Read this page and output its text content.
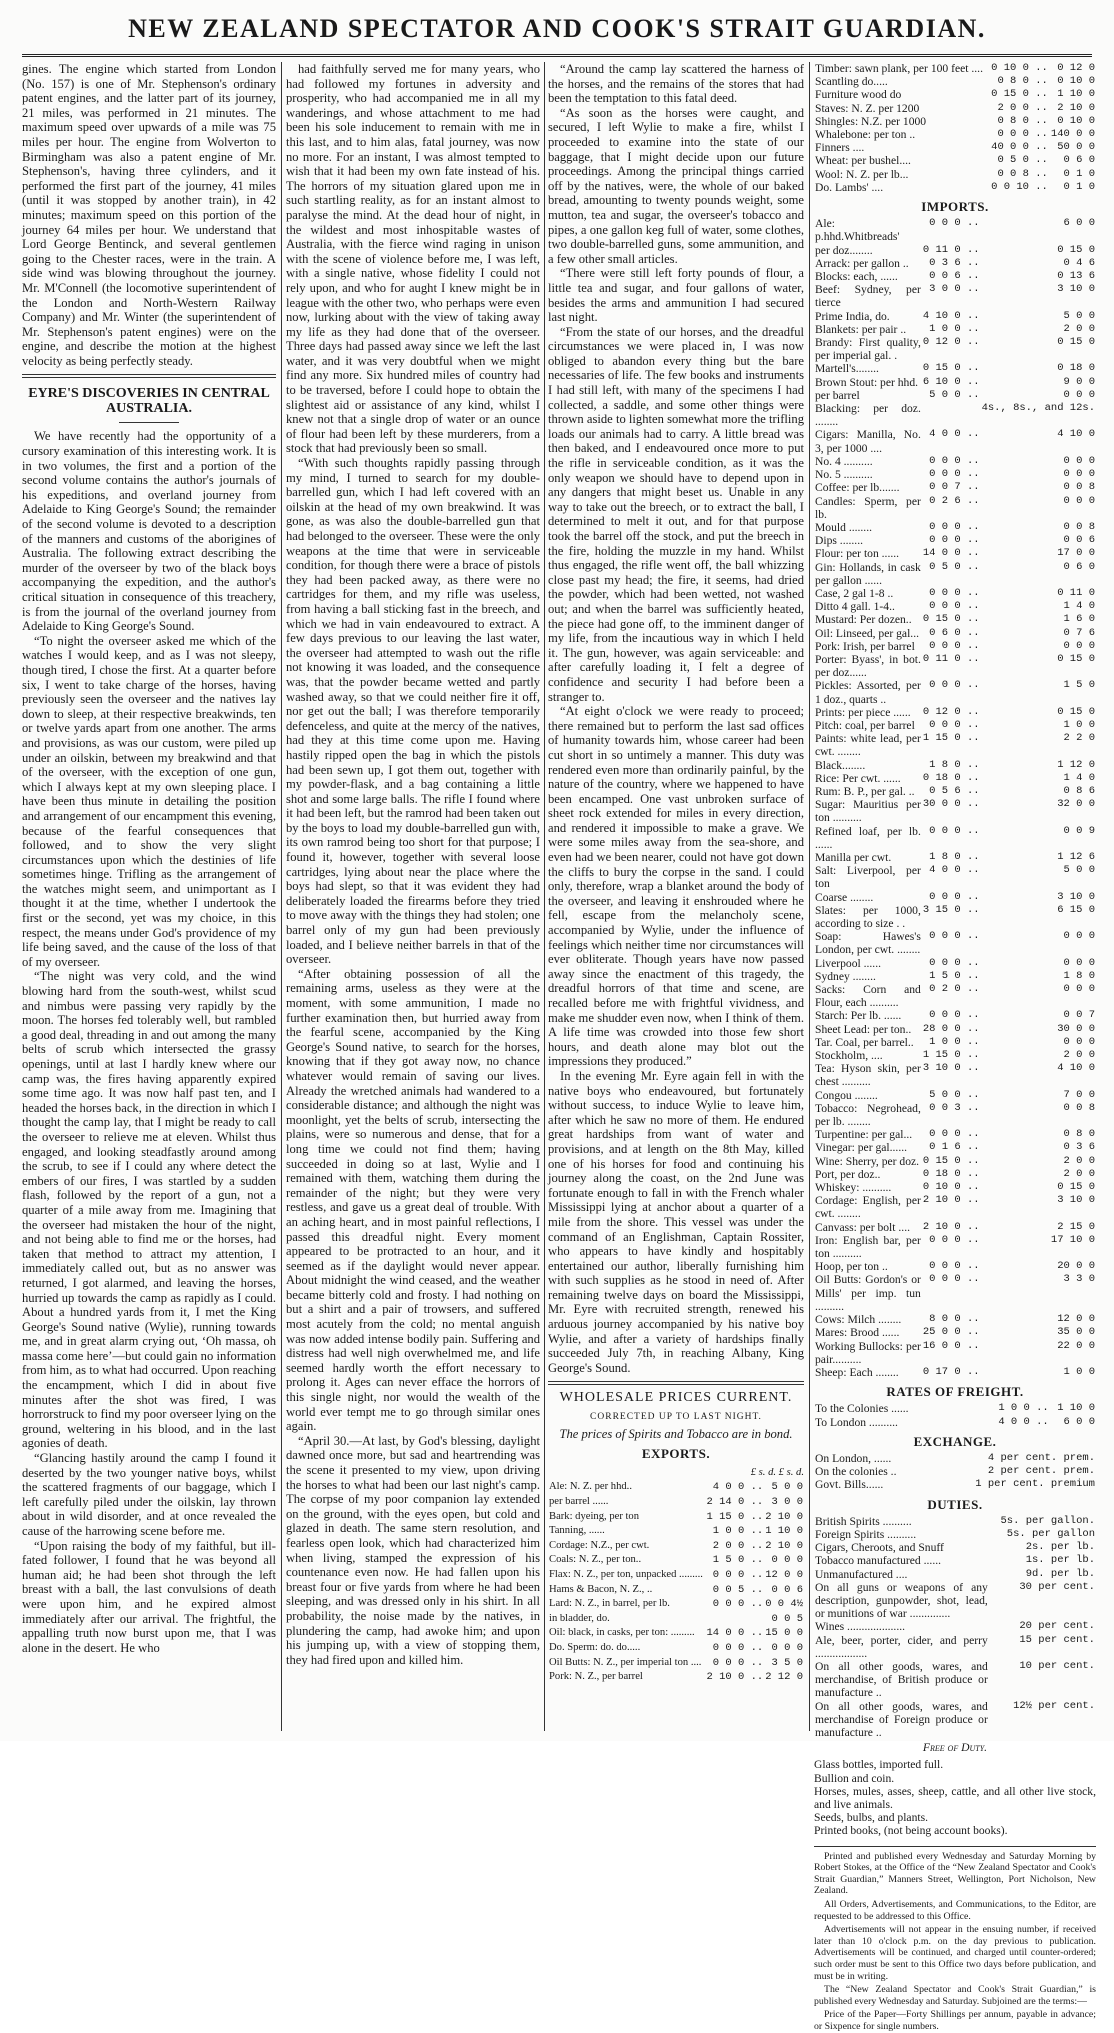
NEW ZEALAND SPECTATOR AND COOK'S STRAIT GUARDIAN.

gines. The engine which started from London (No. 157) is one of Mr. Stephenson's ordinary patent engines, and the latter part of its journey, 21 miles, was performed in 21 minutes. The maximum speed over upwards of a mile was 75 miles per hour. The engine from Wolverton to Birmingham was also a patent engine of Mr. Stephenson's, having three cylinders, and it performed the first part of the journey, 41 miles (until it was stopped by another train), in 42 minutes; maximum speed on this portion of the journey 64 miles per hour. We understand that Lord George Bentinck, and several gentlemen going to the Chester races, were in the train. A side wind was blowing throughout the journey. Mr. M'Connell (the locomotive superintendent of the London and North-Western Railway Company) and Mr. Winter (the superintendent of Mr. Stephenson's patent engines) were on the engine, and describe the motion at the highest velocity as being perfectly steady.

EYRE'S DISCOVERIES IN CENTRAL AUSTRALIA.

We have recently had the opportunity of a cursory examination of this interesting work. It is in two volumes, the first and a portion of the second volume contains the author's journals of his expeditions, and overland journey from Adelaide to King George's Sound; the remainder of the second volume is devoted to a description of the manners and customs of the aborigines of Australia. The following extract describing the murder of the overseer by two of the black boys accompanying the expedition, and the author's critical situation in consequence of this treachery, is from the journal of the overland journey from Adelaide to King George's Sound.

“To night the overseer asked me which of the watches I would keep, and as I was not sleepy, though tired, I chose the first. At a quarter before six, I went to take charge of the horses, having previously seen the overseer and the natives lay down to sleep, at their respective breakwinds, ten or twelve yards apart from one another. The arms and provisions, as was our custom, were piled up under an oilskin, between my breakwind and that of the overseer, with the exception of one gun, which I always kept at my own sleeping place. I have been thus minute in detailing the position and arrangement of our encampment this evening, because of the fearful consequences that followed, and to show the very slight circumstances upon which the destinies of life sometimes hinge. Trifling as the arrangement of the watches might seem, and unimportant as I thought it at the time, whether I undertook the first or the second, yet was my choice, in this respect, the means under God's providence of my life being saved, and the cause of the loss of that of my overseer.

“The night was very cold, and the wind blowing hard from the south-west, whilst scud and nimbus were passing very rapidly by the moon. The horses fed tolerably well, but rambled a good deal, threading in and out among the many belts of scrub which intersected the grassy openings, until at last I hardly knew where our camp was, the fires having apparently expired some time ago. It was now half past ten, and I headed the horses back, in the direction in which I thought the camp lay, that I might be ready to call the overseer to relieve me at eleven. Whilst thus engaged, and looking steadfastly around among the scrub, to see if I could any where detect the embers of our fires, I was startled by a sudden flash, followed by the report of a gun, not a quarter of a mile away from me. Imagining that the overseer had mistaken the hour of the night, and not being able to find me or the horses, had taken that method to attract my attention, I immediately called out, but as no answer was returned, I got alarmed, and leaving the horses, hurried up towards the camp as rapidly as I could. About a hundred yards from it, I met the King George's Sound native (Wylie), running towards me, and in great alarm crying out, ‘Oh massa, oh massa come here’—but could gain no information from him, as to what had occurred. Upon reaching the encampment, which I did in about five minutes after the shot was fired, I was horrorstruck to find my poor overseer lying on the ground, weltering in his blood, and in the last agonies of death.

“Glancing hastily around the camp I found it deserted by the two younger native boys, whilst the scattered fragments of our baggage, which I left carefully piled under the oilskin, lay thrown about in wild disorder, and at once revealed the cause of the harrowing scene before me.

“Upon raising the body of my faithful, but ill-fated follower, I found that he was beyond all human aid; he had been shot through the left breast with a ball, the last convulsions of death were upon him, and he expired almost immediately after our arrival. The frightful, the appalling truth now burst upon me, that I was alone in the desert. He who

had faithfully served me for many years, who had followed my fortunes in adversity and prosperity, who had accompanied me in all my wanderings, and whose attachment to me had been his sole inducement to remain with me in this last, and to him alas, fatal journey, was now no more. For an instant, I was almost tempted to wish that it had been my own fate instead of his. The horrors of my situation glared upon me in such startling reality, as for an instant almost to paralyse the mind. At the dead hour of night, in the wildest and most inhospitable wastes of Australia, with the fierce wind raging in unison with the scene of violence before me, I was left, with a single native, whose fidelity I could not rely upon, and who for aught I knew might be in league with the other two, who perhaps were even now, lurking about with the view of taking away my life as they had done that of the overseer. Three days had passed away since we left the last water, and it was very doubtful when we might find any more. Six hundred miles of country had to be traversed, before I could hope to obtain the slightest aid or assistance of any kind, whilst I knew not that a single drop of water or an ounce of flour had been left by these murderers, from a stock that had previously been so small.

“With such thoughts rapidly passing through my mind, I turned to search for my double-barrelled gun, which I had left covered with an oilskin at the head of my own breakwind. It was gone, as was also the double-barrelled gun that had belonged to the overseer. These were the only weapons at the time that were in serviceable condition, for though there were a brace of pistols they had been packed away, as there were no cartridges for them, and my rifle was useless, from having a ball sticking fast in the breech, and which we had in vain endeavoured to extract. A few days previous to our leaving the last water, the overseer had attempted to wash out the rifle not knowing it was loaded, and the consequence was, that the powder became wetted and partly washed away, so that we could neither fire it off, nor get out the ball; I was therefore temporarily defenceless, and quite at the mercy of the natives, had they at this time come upon me. Having hastily ripped open the bag in which the pistols had been sewn up, I got them out, together with my powder-flask, and a bag containing a little shot and some large balls. The rifle I found where it had been left, but the ramrod had been taken out by the boys to load my double-barrelled gun with, its own ramrod being too short for that purpose; I found it, however, together with several loose cartridges, lying about near the place where the boys had slept, so that it was evident they had deliberately loaded the firearms before they tried to move away with the things they had stolen; one barrel only of my gun had been previously loaded, and I believe neither barrels in that of the overseer.

“After obtaining possession of all the remaining arms, useless as they were at the moment, with some ammunition, I made no further examination then, but hurried away from the fearful scene, accompanied by the King George's Sound native, to search for the horses, knowing that if they got away now, no chance whatever would remain of saving our lives. Already the wretched animals had wandered to a considerable distance; and although the night was moonlight, yet the belts of scrub, intersecting the plains, were so numerous and dense, that for a long time we could not find them; having succeeded in doing so at last, Wylie and I remained with them, watching them during the remainder of the night; but they were very restless, and gave us a great deal of trouble. With an aching heart, and in most painful reflections, I passed this dreadful night. Every moment appeared to be protracted to an hour, and it seemed as if the daylight would never appear. About midnight the wind ceased, and the weather became bitterly cold and frosty. I had nothing on but a shirt and a pair of trowsers, and suffered most acutely from the cold; no mental anguish was now added intense bodily pain. Suffering and distress had well nigh overwhelmed me, and life seemed hardly worth the effort necessary to prolong it. Ages can never efface the horrors of this single night, nor would the wealth of the world ever tempt me to go through similar ones again.

“April 30.—At last, by God's blessing, daylight dawned once more, but sad and heartrending was the scene it presented to my view, upon driving the horses to what had been our last night's camp. The corpse of my poor companion lay extended on the ground, with the eyes open, but cold and glazed in death. The same stern resolution, and fearless open look, which had characterized him when living, stamped the expression of his countenance even now. He had fallen upon his breast four or five yards from where he had been sleeping, and was dressed only in his shirt. In all probability, the noise made by the natives, in plundering the camp, had awoke him; and upon his jumping up, with a view of stopping them, they had fired upon and killed him.

“Around the camp lay scattered the harness of the horses, and the remains of the stores that had been the temptation to this fatal deed.

“As soon as the horses were caught, and secured, I left Wylie to make a fire, whilst I proceeded to examine into the state of our baggage, that I might decide upon our future proceedings. Among the principal things carried off by the natives, were, the whole of our baked bread, amounting to twenty pounds weight, some mutton, tea and sugar, the overseer's tobacco and pipes, a one gallon keg full of water, some clothes, two double-barrelled guns, some ammunition, and a few other small articles.

“There were still left forty pounds of flour, a little tea and sugar, and four gallons of water, besides the arms and ammunition I had secured last night.

“From the state of our horses, and the dreadful circumstances we were placed in, I was now obliged to abandon every thing but the bare necessaries of life. The few books and instruments I had still left, with many of the specimens I had collected, a saddle, and some other things were thrown aside to lighten somewhat more the trifling loads our animals had to carry. A little bread was then baked, and I endeavoured once more to put the rifle in serviceable condition, as it was the only weapon we should have to depend upon in any dangers that might beset us. Unable in any way to take out the breech, or to extract the ball, I determined to melt it out, and for that purpose took the barrel off the stock, and put the breech in the fire, holding the muzzle in my hand. Whilst thus engaged, the rifle went off, the ball whizzing close past my head; the fire, it seems, had dried the powder, which had been wetted, not washed out; and when the barrel was sufficiently heated, the piece had gone off, to the imminent danger of my life, from the incautious way in which I held it. The gun, however, was again serviceable: and after carefully loading it, I felt a degree of confidence and security I had before been a stranger to.

“At eight o'clock we were ready to proceed; there remained but to perform the last sad offices of humanity towards him, whose career had been cut short in so untimely a manner. This duty was rendered even more than ordinarily painful, by the nature of the country, where we happened to have been encamped. One vast unbroken surface of sheet rock extended for miles in every direction, and rendered it impossible to make a grave. We were some miles away from the sea-shore, and even had we been nearer, could not have got down the cliffs to bury the corpse in the sand. I could only, therefore, wrap a blanket around the body of the overseer, and leaving it enshrouded where he fell, escape from the melancholy scene, accompanied by Wylie, under the influence of feelings which neither time nor circumstances will ever obliterate. Though years have now passed away since the enactment of this tragedy, the dreadful horrors of that time and scene, are recalled before me with frightful vividness, and make me shudder even now, when I think of them. A life time was crowded into those few short hours, and death alone may blot out the impressions they produced.”

In the evening Mr. Eyre again fell in with the native boys who endeavoured, but fortunately without success, to induce Wylie to leave him, after which he saw no more of them. He endured great hardships from want of water and provisions, and at length on the 8th May, killed one of his horses for food and continuing his journey along the coast, on the 2nd June was fortunate enough to fall in with the French whaler Mississippi lying at anchor about a quarter of a mile from the shore. This vessel was under the command of an Englishman, Captain Rossiter, who appears to have kindly and hospitably entertained our author, liberally furnishing him with such supplies as he stood in need of. After remaining twelve days on board the Mississippi, Mr. Eyre with recruited strength, renewed his arduous journey accompanied by his native boy Wylie, and after a variety of hardships finally succeeded July 7th, in reaching Albany, King George's Sound.

WHOLESALE PRICES CURRENT.
CORRECTED UP TO LAST NIGHT.
The prices of Spirits and Tobacco are in bond.
EXPORTS.
£ s. d. £ s. d.
Ale: N. Z. per hhd..	4 0 0 ..	5 0 0
per barrel ......	2 14 0 ..	3 0 0
Bark: dyeing, per ton	1 15 0 ..	2 10 0
Tanning, ......	1 0 0 ..	1 10 0
Cordage: N.Z., per cwt.	2 0 0 ..	2 10 0
Coals: N. Z., per ton..	1 5 0 ..	0 0 0
Flax: N. Z., per ton, unpacked .........	0 0 0 ..	12 0 0
Hams & Bacon, N. Z., ..	0 0 5 ..	0 0 6
Lard: N. Z., in barrel, per lb.	0 0 0 ..	0 0 4½
in bladder, do.		0 0 5
Oil: black, in casks, per ton: .........	14 0 0 ..	15 0 0
Do. Sperm: do. do.....	0 0 0 ..	0 0 0
Oil Butts: N. Z., per imperial ton ....	0 0 0 ..	3 5 0
Pork: N. Z., per barrel	2 10 0 ..	2 12 0
Timber: sawn plank, per 100 feet ....	0 10 0 ..	0 12 0
Scantling do.....	0 8 0 ..	0 10 0
Furniture wood do	0 15 0 ..	1 10 0
Staves: N. Z. per 1200	2 0 0 ..	2 10 0
Shingles: N.Z. per 1000	0 8 0 ..	0 10 0
Whalebone: per ton ..	0 0 0 ..	140 0 0
Finners ....	40 0 0 ..	50 0 0
Wheat: per bushel....	0 5 0 ..	0 6 0
Wool: N. Z. per lb...	0 0 8 ..	0 1 0
Do. Lambs' ....	0 0 10 ..	0 1 0
IMPORTS.
Ale: p.hhd.Whitbreads'	0 0 0 ..	6 0 0
per doz........	0 11 0 ..	0 15 0
Arrack: per gallon ..	0 3 6 ..	0 4 6
Blocks: each, ......	0 0 6 ..	0 13 6
Beef: Sydney, per tierce	3 0 0 ..	3 10 0
Prime India, do.	4 10 0 ..	5 0 0
Blankets: per pair ..	1 0 0 ..	2 0 0
Brandy: First quality, per imperial gal. .	0 12 0 ..	0 15 0
Martell's........	0 15 0 ..	0 18 0
Brown Stout: per hhd.	6 10 0 ..	9 0 0
per barrel	5 0 0 ..	0 0 0
Blacking: per doz. ........		4s., 8s., and 12s.
Cigars: Manilla, No. 3, per 1000 ....	4 0 0 ..	4 10 0
No. 4 ..........	0 0 0 ..	0 0 0
No. 5 ..........	0 0 0 ..	0 0 0
Coffee: per lb.......	0 0 7 ..	0 0 8
Candles: Sperm, per lb.	0 2 6 ..	0 0 0
Mould ........	0 0 0 ..	0 0 8
Dips ........	0 0 0 ..	0 0 6
Flour: per ton ......	14 0 0 ..	17 0 0
Gin: Hollands, in cask per gallon ......	0 5 0 ..	0 6 0
Case, 2 gal 1-8 ..	0 0 0 ..	0 11 0
Ditto 4 gall. 1-4..	0 0 0 ..	1 4 0
Mustard: Per dozen..	0 15 0 ..	1 6 0
Oil: Linseed, per gal...	0 6 0 ..	0 7 6
Pork: Irish, per barrel	0 0 0 ..	0 0 0
Porter: Byass', in bot. per doz......	0 11 0 ..	0 15 0
Pickles: Assorted, per 1 doz., quarts ..	0 0 0 ..	1 5 0
Prints: per piece ......	0 12 0 ..	0 15 0
Pitch: coal, per barrel	0 0 0 ..	1 0 0
Paints: white lead, per cwt. ........	1 15 0 ..	2 2 0
Black........	1 8 0 ..	1 12 0
Rice: Per cwt. ......	0 18 0 ..	1 4 0
Rum: B. P., per gal. ..	0 5 6 ..	0 8 6
Sugar: Mauritius per ton ..........	30 0 0 ..	32 0 0
Refined loaf, per lb. ......	0 0 0 ..	0 0 9
Manilla per cwt.	1 8 0 ..	1 12 6
Salt: Liverpool, per ton	4 0 0 ..	5 0 0
Coarse ........	0 0 0 ..	3 10 0
Slates: per 1000, according to size . .	3 15 0 ..	6 15 0
Soap: Hawes's London, per cwt. ........	0 0 0 ..	0 0 0
Liverpool ......	0 0 0 ..	0 0 0
Sydney ........	1 5 0 ..	1 8 0
Sacks: Corn and Flour, each ..........	0 2 0 ..	0 0 0
Starch: Per lb. ......	0 0 0 ..	0 0 7
Sheet Lead: per ton..	28 0 0 ..	30 0 0
Tar. Coal, per barrel..	1 0 0 ..	0 0 0
Stockholm, ....	1 15 0 ..	2 0 0
Tea: Hyson skin, per chest ..........	3 10 0 ..	4 10 0
Congou ........	5 0 0 ..	7 0 0
Tobacco: Negrohead, per lb. ........	0 0 3 ..	0 0 8
Turpentine: per gal...	0 0 0 ..	0 8 0
Vinegar: per gal......	0 1 6 ..	0 3 6
Wine: Sherry, per doz.	0 15 0 ..	2 0 0
Port, per doz..	0 18 0 ..	2 0 0
Whiskey: ..........	0 10 0 ..	0 15 0
Cordage: English, per cwt. ........	2 10 0 ..	3 10 0
Canvass: per bolt ....	2 10 0 ..	2 15 0
Iron: English bar, per ton ..........	0 0 0 ..	17 10 0
Hoop, per ton ..	0 0 0 ..	20 0 0
Oil Butts: Gordon's or Mills' per imp. tun ..........	0 0 0 ..	3 3 0
Cows: Milch ........	8 0 0 ..	12 0 0
Mares: Brood ......	25 0 0 ..	35 0 0
Working Bullocks: per pair..........	16 0 0 ..	22 0 0
Sheep: Each ........	0 17 0 ..	1 0 0
RATES OF FREIGHT.
To the Colonies ......	1 0 0 ..	1 10 0
To London ..........	4 0 0 ..	6 0 0
EXCHANGE.
On London, ......	4 per cent. prem.
On the colonies ..	2 per cent. prem.
Govt. Bills......	1 per cent. premium
DUTIES.
British Spirits ..........	5s. per gallon.
Foreign Spirits ..........	5s. per gallon
Cigars, Cheroots, and Snuff	2s. per lb.
Tobacco manufactured ......	1s. per lb.
Unmanufactured ....	9d. per lb.
On all guns or weapons of any description, gunpowder, shot, lead, or munitions of war ..............	30 per cent.
Wines ....................	20 per cent.
Ale, beer, porter, cider, and perry ..................	15 per cent.
On all other goods, wares, and merchandise, of British produce or manufacture ..	10 per cent.
On all other goods, wares, and merchandise of Foreign produce or manufacture ..	12½ per cent.
Free of Duty.
Glass bottles, imported full.
Bullion and coin.
Horses, mules, asses, sheep, cattle, and all other live stock, and live animals.
Seeds, bulbs, and plants.
Printed books, (not being account books).

Printed and published every Wednesday and Saturday Morning by Robert Stokes, at the Office of the “New Zealand Spectator and Cook's Strait Guardian,” Manners Street, Wellington, Port Nicholson, New Zealand.

All Orders, Advertisements, and Communications, to the Editor, are requested to be addressed to this Office.

Advertisements will not appear in the ensuing number, if received later than 10 o'clock p.m. on the day previous to publication. Advertisements will be continued, and charged until counter-ordered; such order must be sent to this Office two days before publication, and must be in writing.

The “New Zealand Spectator and Cook's Strait Guardian,” is published every Wednesday and Saturday. Subjoined are the terms:—

Price of the Paper—Forty Shillings per annum, payable in advance; or Sixpence for single numbers.
